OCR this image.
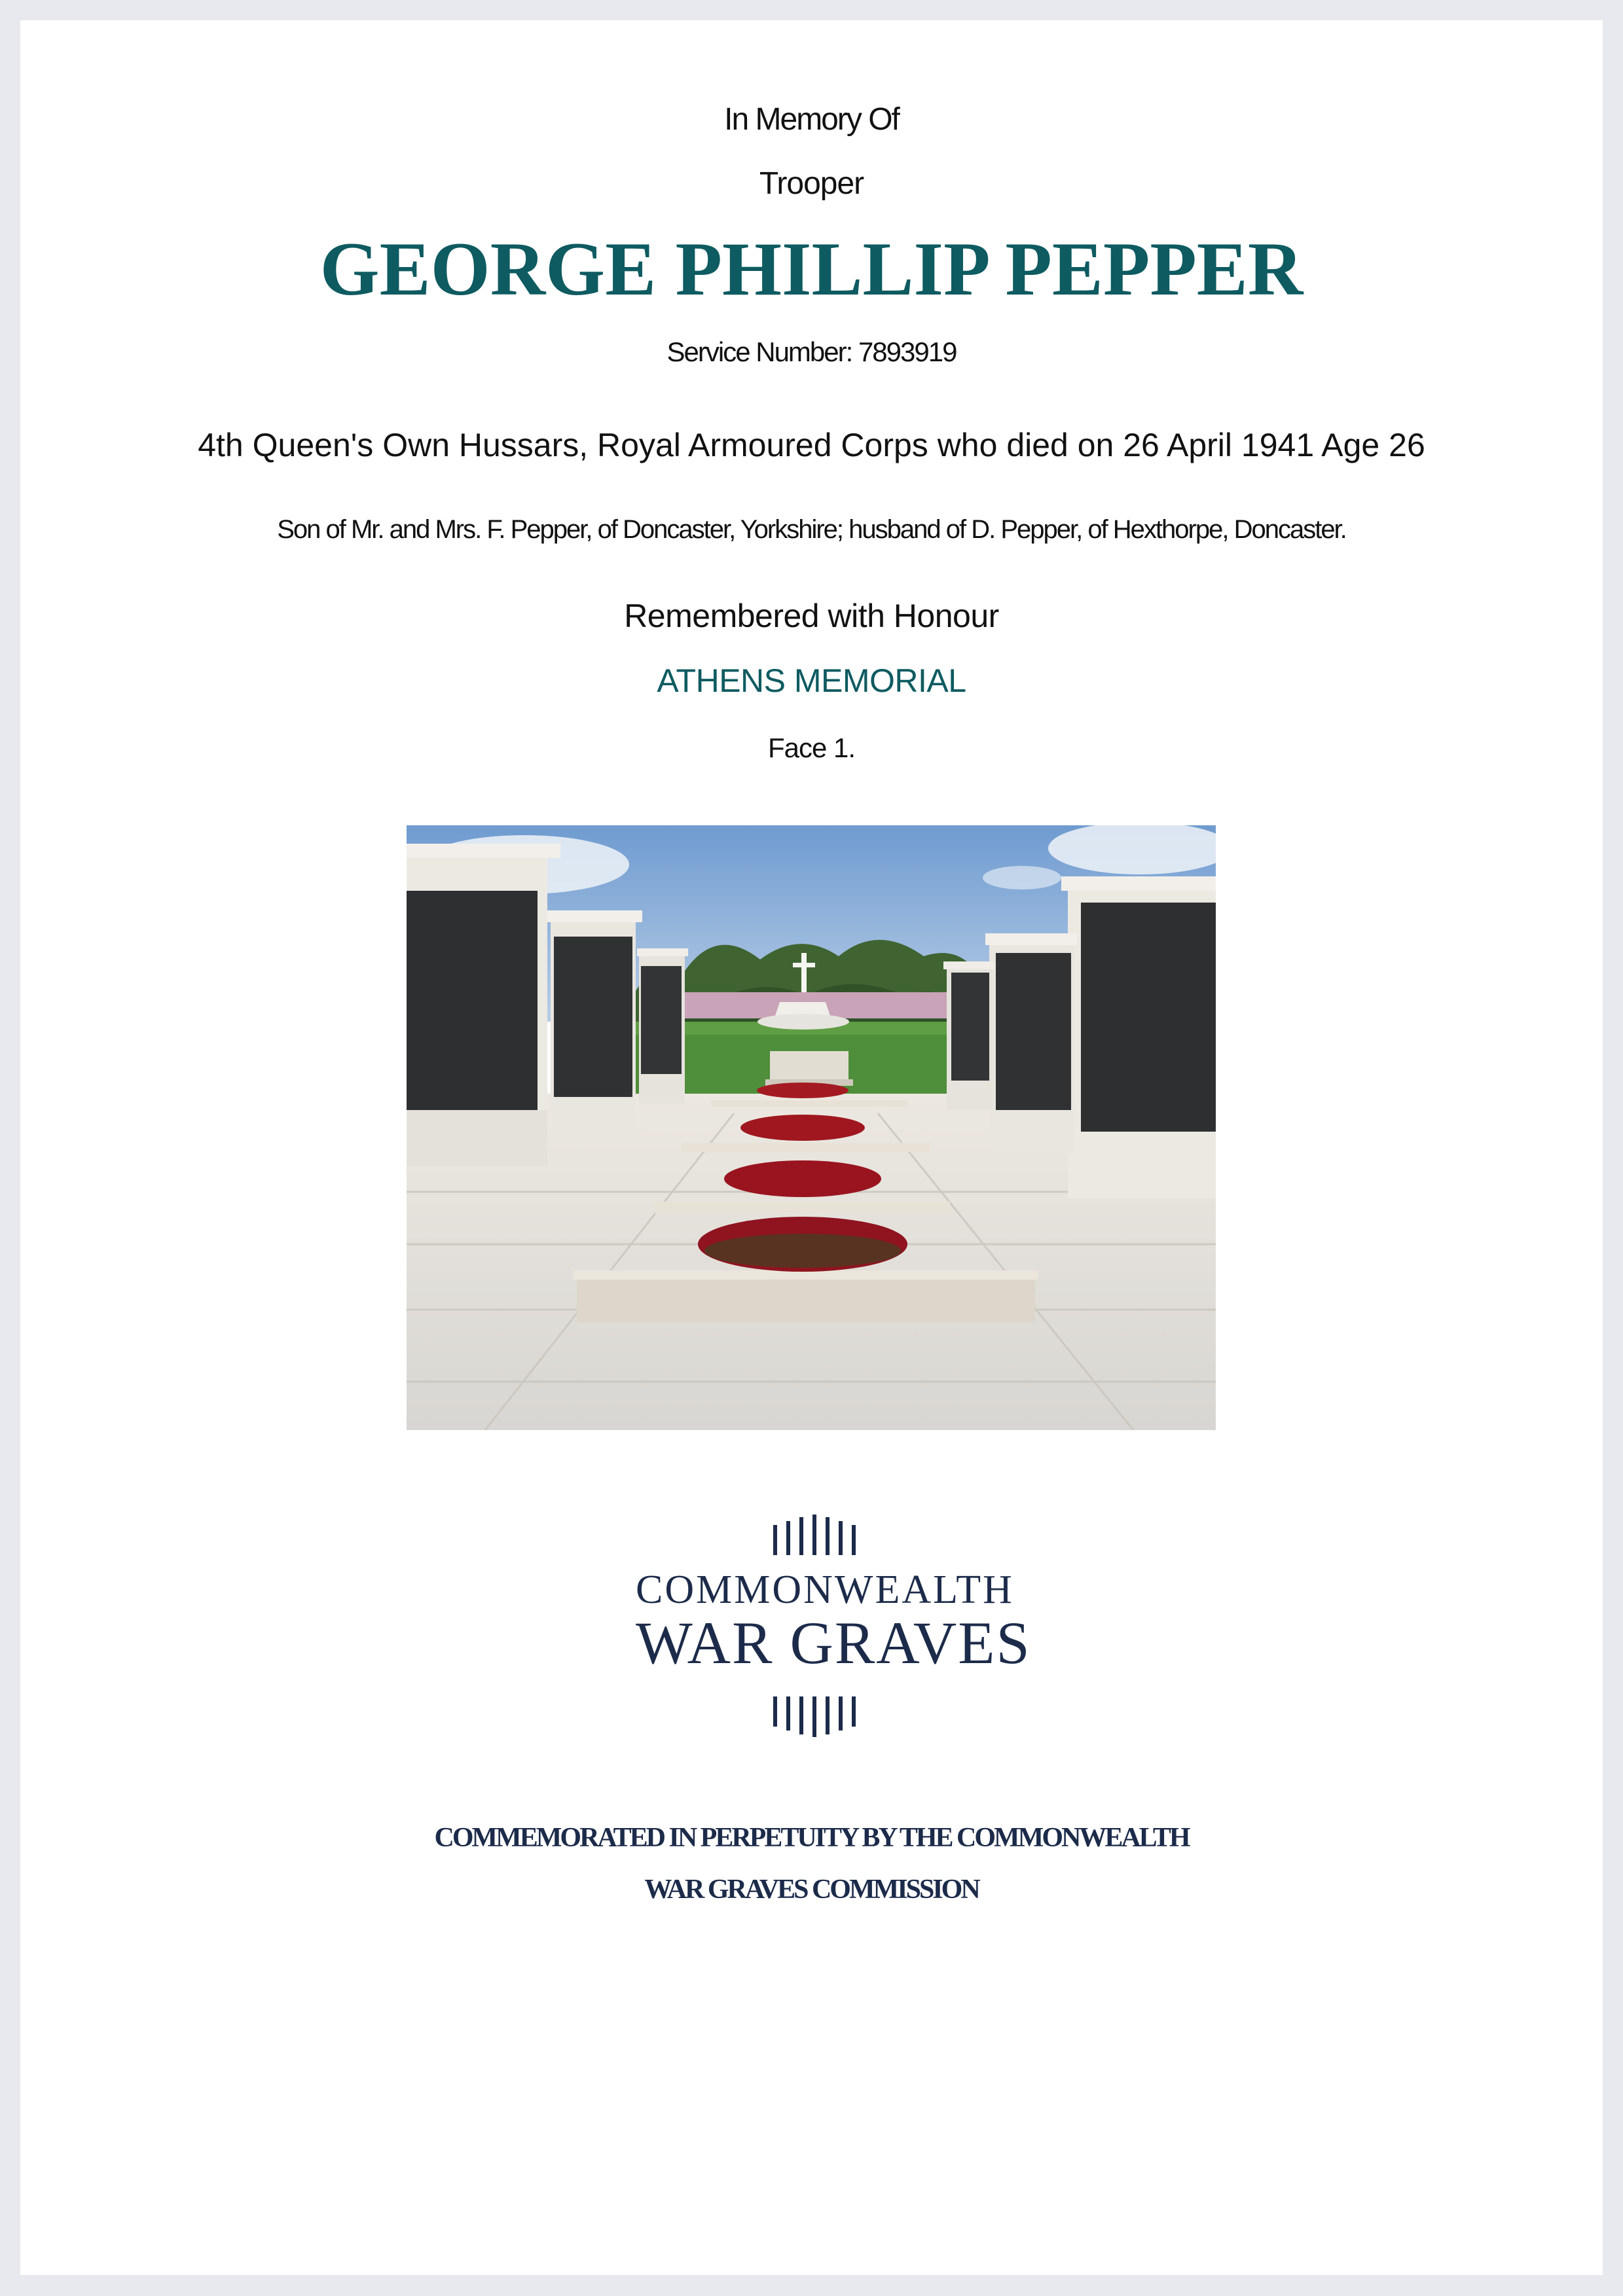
In Memory Of

Trooper

GEORGE PHILLIP PEPPER

Service Number: 7893919

4th Queen's Own Hussars, Royal Armoured Corps who died on 26 April 1941 Age 26

Son of Mr. and Mrs. F. Pepper, of Doncaster, Yorkshire; husband of D. Pepper, of Hexthorpe, Doncaster.

Remembered with Honour

ATHENS MEMORIAL

Face 1.

COMMONWEALTH
WAR GRAVES

COMMEMORATED IN PERPETUITY BY THE COMMONWEALTH

WAR GRAVES COMMISSION
